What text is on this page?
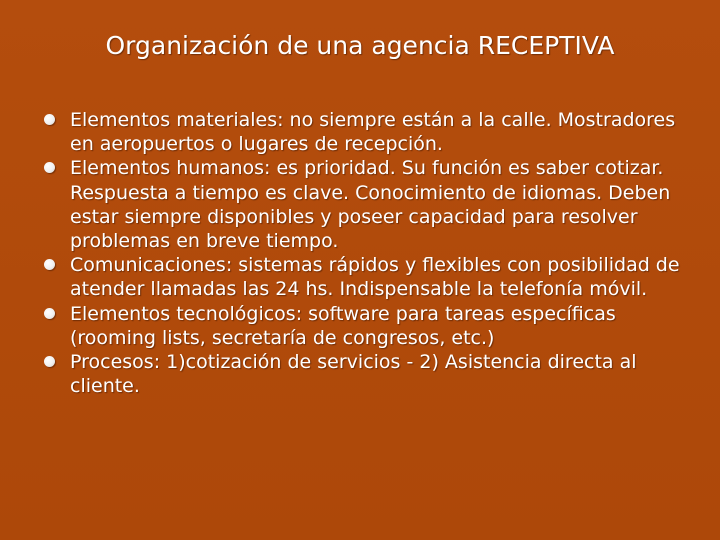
Organización de una agencia RECEPTIVA
Elementos materiales: no siempre están a la calle. Mostradores en aeropuertos o lugares de recepción.
Elementos humanos: es prioridad. Su función es saber cotizar. Respuesta a tiempo es clave. Conocimiento de idiomas. Deben estar siempre disponibles y poseer capacidad para resolver problemas en breve tiempo.
Comunicaciones: sistemas rápidos y flexibles con posibilidad de atender llamadas las 24 hs. Indispensable la telefonía móvil.
Elementos tecnológicos: software para tareas específicas (rooming lists, secretaría de congresos, etc.)
Procesos: 1)cotización de servicios - 2) Asistencia directa al cliente.
